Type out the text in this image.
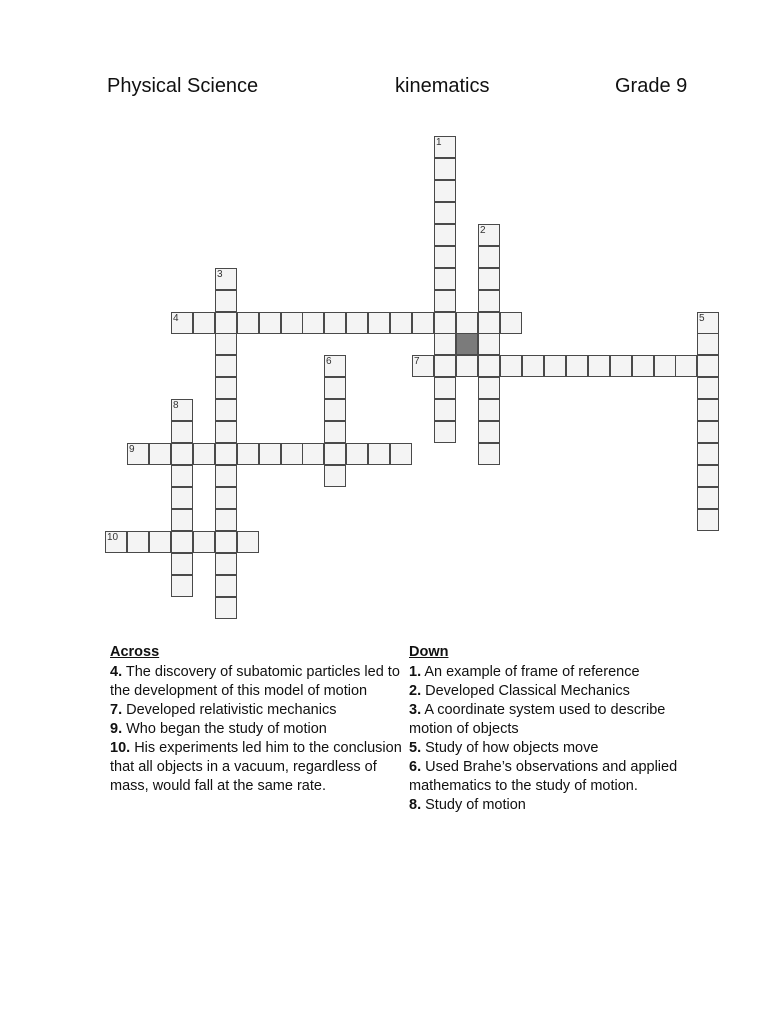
Physical Science	kinematics	Grade 9
1
2
3
4	5
6	7
8
9
10
Across
4. The discovery of subatomic particles led to the development of this model of motion
7. Developed relativistic mechanics
9. Who began the study of motion
10. His experiments led him to the conclusion that all objects in a vacuum, regardless of mass, would fall at the same rate.
Down
1. An example of frame of reference
2. Developed Classical Mechanics
3. A coordinate system used to describe motion of objects
5. Study of how objects move
6. Used Brahe’s observations and applied mathematics to the study of motion.
8. Study of motion
